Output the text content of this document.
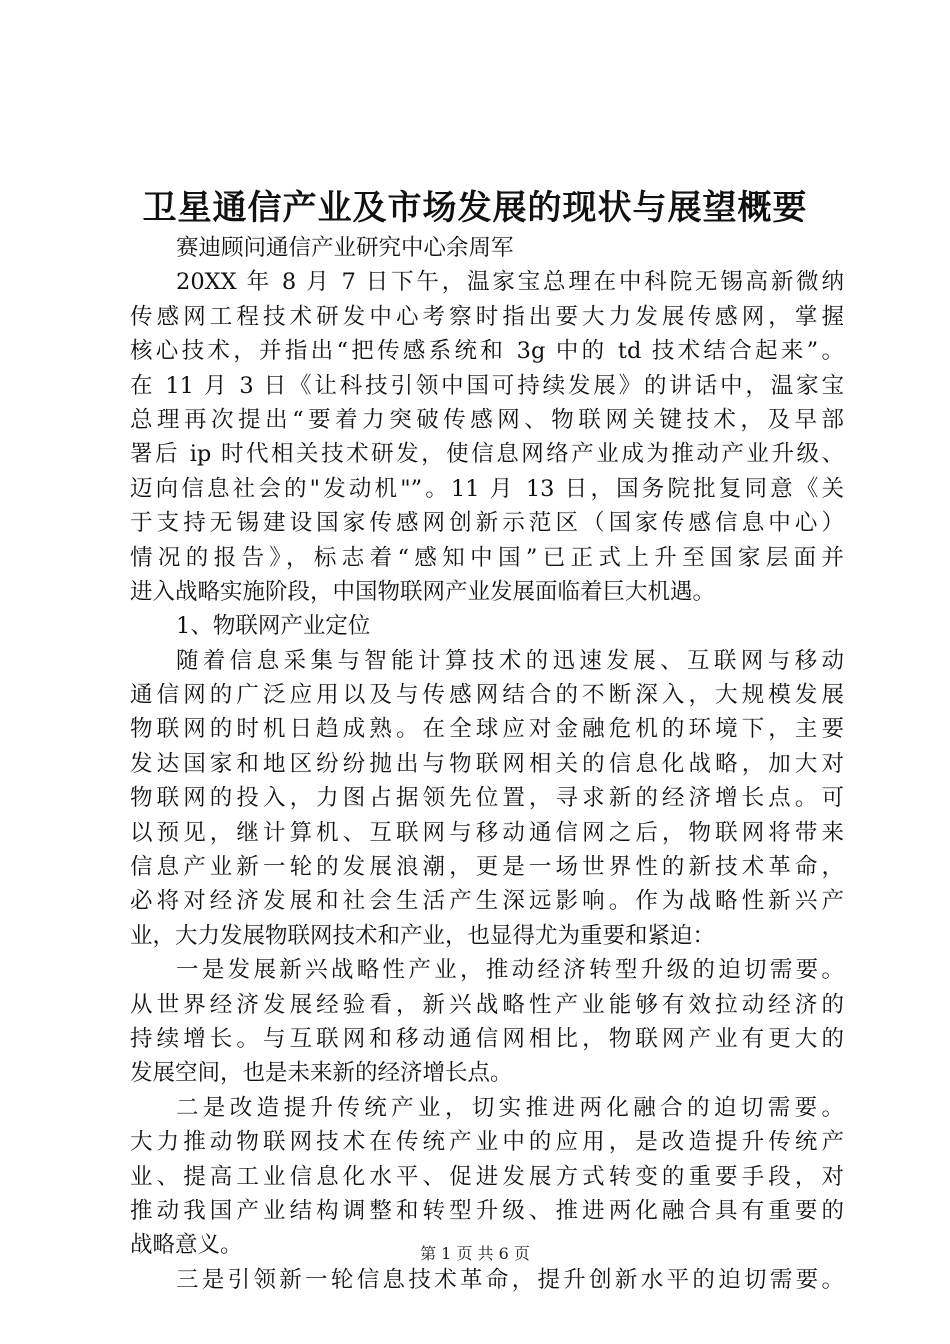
卫星通信产业及市场发展的现状与展望概要
赛迪顾问通信产业研究中心余周军
20XX 年 8 月 7 日下午，温家宝总理在中科院无锡高新微纳
传感网工程技术研发中心考察时指出要大力发展传感网，掌握
核心技术，并指出“把传感系统和 3g 中的 td 技术结合起来”。
在 11 月 3 日《让科技引领中国可持续发展》的讲话中，温家宝
总理再次提出“要着力突破传感网、物联网关键技术，及早部
署后 ip 时代相关技术研发，使信息网络产业成为推动产业升级、
迈向信息社会的"发动机"”。11 月 13 日，国务院批复同意《关
于支持无锡建设国家传感网创新示范区（国家传感信息中心）
情况的报告》，标志着“感知中国”已正式上升至国家层面并
进入战略实施阶段，中国物联网产业发展面临着巨大机遇。
1、物联网产业定位
随着信息采集与智能计算技术的迅速发展、互联网与移动
通信网的广泛应用以及与传感网结合的不断深入，大规模发展
物联网的时机日趋成熟。在全球应对金融危机的环境下，主要
发达国家和地区纷纷抛出与物联网相关的信息化战略，加大对
物联网的投入，力图占据领先位置，寻求新的经济增长点。可
以预见，继计算机、互联网与移动通信网之后，物联网将带来
信息产业新一轮的发展浪潮，更是一场世界性的新技术革命，
必将对经济发展和社会生活产生深远影响。作为战略性新兴产
业，大力发展物联网技术和产业，也显得尤为重要和紧迫：
一是发展新兴战略性产业，推动经济转型升级的迫切需要。
从世界经济发展经验看，新兴战略性产业能够有效拉动经济的
持续增长。与互联网和移动通信网相比，物联网产业有更大的
发展空间，也是未来新的经济增长点。
二是改造提升传统产业，切实推进两化融合的迫切需要。
大力推动物联网技术在传统产业中的应用，是改造提升传统产
业、提高工业信息化水平、促进发展方式转变的重要手段，对
推动我国产业结构调整和转型升级、推进两化融合具有重要的
战略意义。
三是引领新一轮信息技术革命，提升创新水平的迫切需要。
第 1 页 共 6 页
